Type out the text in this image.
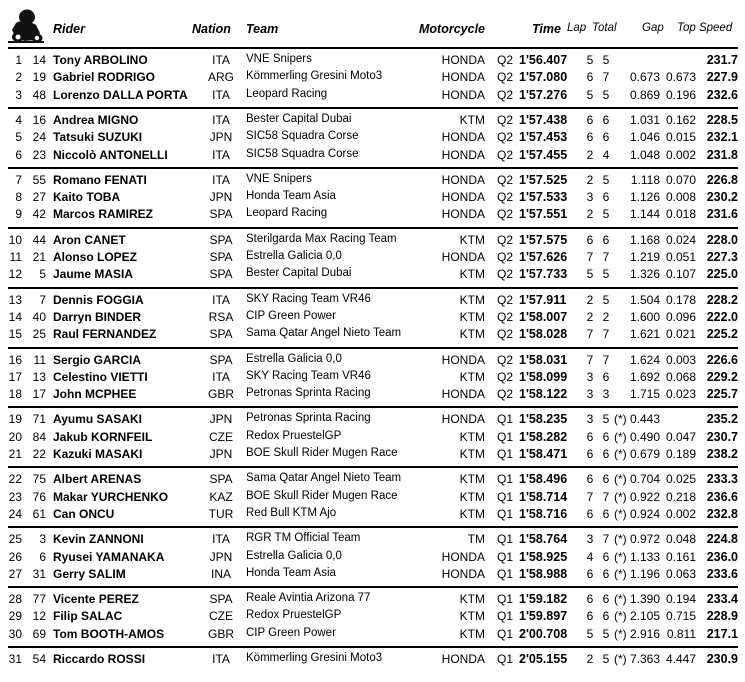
Rider	Nation Team	Motorcycle	Time Lap Total Gap Top Speed
1 14 Tony ARBOLINO	ITA	VNE Snipers	HONDA Q2 1'56.407 5 5	231.7
2 19 Gabriel RODRIGO	ARG Kömmerling Gresini Moto3	HONDA Q2 1'57.080 6 7	0.673 0.673 227.9
3 48 Lorenzo DALLA PORTA	ITA	Leopard Racing	HONDA Q2 1'57.276 5 5	0.869 0.196 232.6
4 16 Andrea MIGNO	ITA	Bester Capital Dubai	KTM Q2 1'57.438 6 6	1.031 0.162 228.5
5 24 Tatsuki SUZUKI	JPN SIC58 Squadra Corse	HONDA Q2 1'57.453 6 6	1.046 0.015 232.1
6 23 Niccolò ANTONELLI	ITA	SIC58 Squadra Corse	HONDA Q2 1'57.455 2 4	1.048 0.002 231.8
7 55 Romano FENATI	ITA	VNE Snipers	HONDA Q2 1'57.525 2 5	1.118 0.070 226.8
8 27 Kaito TOBA	JPN Honda Team Asia	HONDA Q2 1'57.533 3 6	1.126 0.008 230.2
9 42 Marcos RAMIREZ	SPA Leopard Racing	HONDA Q2 1'57.551 2 5	1.144 0.018 231.6
10 44 Aron CANET	SPA Sterilgarda Max Racing Team	KTM Q2 1'57.575 6 6	1.168 0.024 228.0
11 21 Alonso LOPEZ	SPA Estrella Galicia 0,0	HONDA Q2 1'57.626 7 7	1.219 0.051 227.3
12	5 Jaume MASIA	SPA Bester Capital Dubai	KTM Q2 1'57.733 5 5	1.326 0.107 225.0
13	7 Dennis FOGGIA	ITA	SKY Racing Team VR46	KTM Q2 1'57.911 2 5	1.504 0.178 228.2
14 40 Darryn BINDER	RSA CIP Green Power	KTM Q2 1'58.007 2 2	1.600 0.096 222.0
15 25 Raul FERNANDEZ	SPA Sama Qatar Angel Nieto Team	KTM Q2 1'58.028 7 7	1.621 0.021 225.2
16 11 Sergio GARCIA	SPA Estrella Galicia 0,0	HONDA Q2 1'58.031 7 7	1.624 0.003 226.6
17 13 Celestino VIETTI	ITA	SKY Racing Team VR46	KTM Q2 1'58.099 3 6	1.692 0.068 229.2
18 17 John MCPHEE	GBR Petronas Sprinta Racing	HONDA Q2 1'58.122 3 3	1.715 0.023 225.7
19 71 Ayumu SASAKI	JPN Petronas Sprinta Racing	HONDA Q1 1'58.235 3 5 (*) 0.443	235.2
20 84 Jakub KORNFEIL	CZE Redox PruestelGP	KTM Q1 1'58.282 6 6 (*) 0.490 0.047 230.7
21 22 Kazuki MASAKI	JPN BOE Skull Rider Mugen Race	KTM Q1 1'58.471 6 6 (*) 0.679 0.189 238.2
22 75 Albert ARENAS	SPA Sama Qatar Angel Nieto Team	KTM Q1 1'58.496 6 6 (*) 0.704 0.025 233.3
23 76 Makar YURCHENKO	KAZ BOE Skull Rider Mugen Race	KTM Q1 1'58.714 7 7 (*) 0.922 0.218 236.6
24 61 Can ONCU	TUR Red Bull KTM Ajo	KTM Q1 1'58.716 6 6 (*) 0.924 0.002 232.8
25	3 Kevin ZANNONI	ITA	RGR TM Official Team	TM Q1 1'58.764 3 7 (*) 0.972 0.048 224.8
26	6 Ryusei YAMANAKA	JPN Estrella Galicia 0,0	HONDA Q1 1'58.925 4 6 (*) 1.133 0.161 236.0
27 31 Gerry SALIM	INA	Honda Team Asia	HONDA Q1 1'58.988 6 6 (*) 1.196 0.063 233.6
28 77 Vicente PEREZ	SPA Reale Avintia Arizona 77	KTM Q1 1'59.182 6 6 (*) 1.390 0.194 233.4
29 12 Filip SALAC	CZE Redox PruestelGP	KTM Q1 1'59.897 6 6 (*) 2.105 0.715 228.9
30 69 Tom BOOTH-AMOS	GBR CIP Green Power	KTM Q1 2'00.708 5 5 (*) 2.916 0.811 217.1
31 54 Riccardo ROSSI	ITA	Kömmerling Gresini Moto3	HONDA Q1 2'05.155 2 5 (*) 7.363 4.447 230.9
